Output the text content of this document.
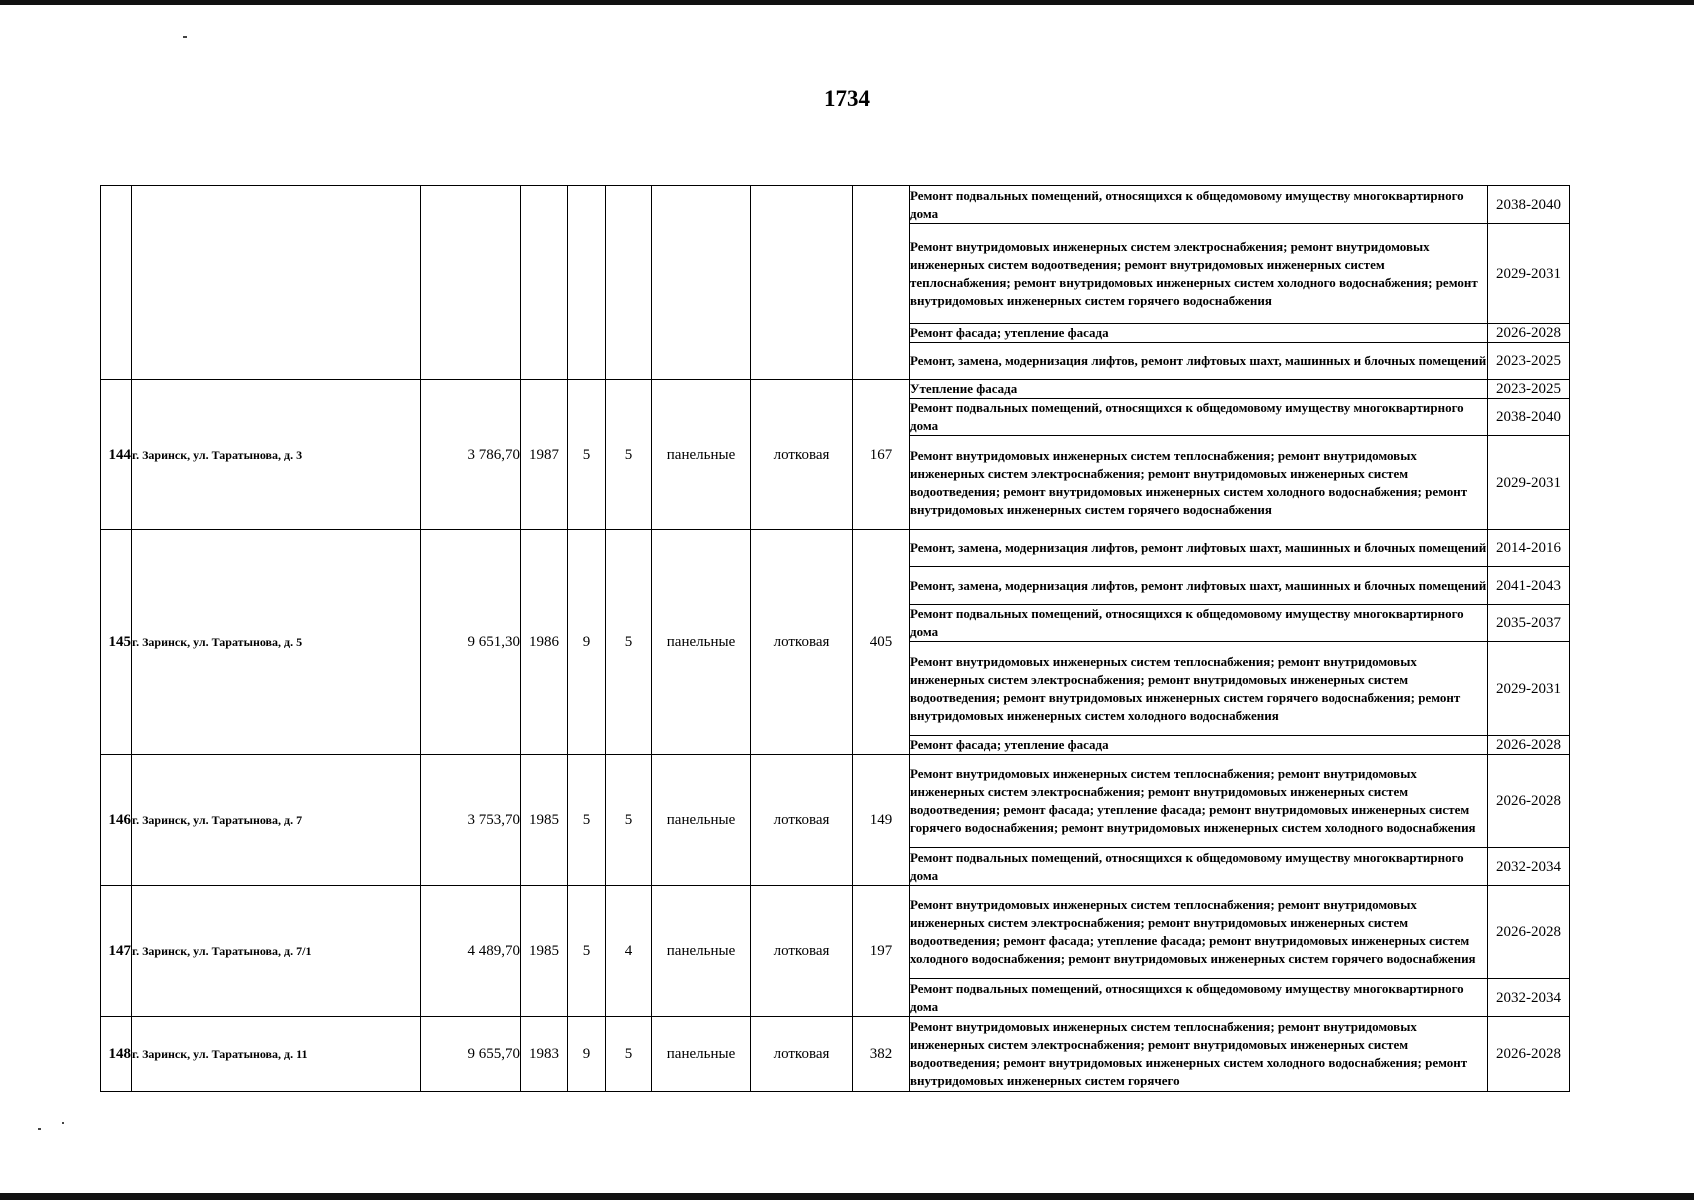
1734
									Ремонт подвальных помещений, относящихся к общедомовому имуществу многоквартирного дома	2038-2040
									Ремонт внутридомовых инженерных систем электроснабжения; ремонт внутридомовых инженерных систем водоотведения; ремонт внутридомовых инженерных систем теплоснабжения; ремонт внутридомовых инженерных систем холодного водоснабжения; ремонт внутридомовых инженерных систем горячего водоснабжения	2029-2031
									Ремонт фасада; утепление фасада	2026-2028
									Ремонт, замена, модернизация лифтов, ремонт лифтовых шахт, машинных и блочных помещений	2023-2025
144	г. Заринск, ул. Таратынова, д. 3	3 786,70	1987	5	5	панельные	лотковая	167	Утепление фасада	2023-2025
									Ремонт подвальных помещений, относящихся к общедомовому имуществу многоквартирного дома	2038-2040
									Ремонт внутридомовых инженерных систем теплоснабжения; ремонт внутридомовых инженерных систем электроснабжения; ремонт внутридомовых инженерных систем водоотведения; ремонт внутридомовых инженерных систем холодного водоснабжения; ремонт внутридомовых инженерных систем горячего водоснабжения	2029-2031
145	г. Заринск, ул. Таратынова, д. 5	9 651,30	1986	9	5	панельные	лотковая	405	Ремонт, замена, модернизация лифтов, ремонт лифтовых шахт, машинных и блочных помещений	2014-2016
									Ремонт, замена, модернизация лифтов, ремонт лифтовых шахт, машинных и блочных помещений	2041-2043
									Ремонт подвальных помещений, относящихся к общедомовому имуществу многоквартирного дома	2035-2037
									Ремонт внутридомовых инженерных систем теплоснабжения; ремонт внутридомовых инженерных систем электроснабжения; ремонт внутридомовых инженерных систем водоотведения; ремонт внутридомовых инженерных систем горячего водоснабжения; ремонт внутридомовых инженерных систем холодного водоснабжения	2029-2031
									Ремонт фасада; утепление фасада	2026-2028
146	г. Заринск, ул. Таратынова, д. 7	3 753,70	1985	5	5	панельные	лотковая	149	Ремонт внутридомовых инженерных систем теплоснабжения; ремонт внутридомовых инженерных систем электроснабжения; ремонт внутридомовых инженерных систем водоотведения; ремонт фасада; утепление фасада; ремонт внутридомовых инженерных систем горячего водоснабжения; ремонт внутридомовых инженерных систем холодного водоснабжения	2026-2028
									Ремонт подвальных помещений, относящихся к общедомовому имуществу многоквартирного дома	2032-2034
147	г. Заринск, ул. Таратынова, д. 7/1	4 489,70	1985	5	4	панельные	лотковая	197	Ремонт внутридомовых инженерных систем теплоснабжения; ремонт внутридомовых инженерных систем электроснабжения; ремонт внутридомовых инженерных систем водоотведения; ремонт фасада; утепление фасада; ремонт внутридомовых инженерных систем холодного водоснабжения; ремонт внутридомовых инженерных систем горячего водоснабжения	2026-2028
									Ремонт подвальных помещений, относящихся к общедомовому имуществу многоквартирного дома	2032-2034
148	г. Заринск, ул. Таратынова, д. 11	9 655,70	1983	9	5	панельные	лотковая	382	Ремонт внутридомовых инженерных систем теплоснабжения; ремонт внутридомовых инженерных систем электроснабжения; ремонт внутридомовых инженерных систем водоотведения; ремонт внутридомовых инженерных систем холодного водоснабжения; ремонт внутридомовых инженерных систем горячего	2026-2028
